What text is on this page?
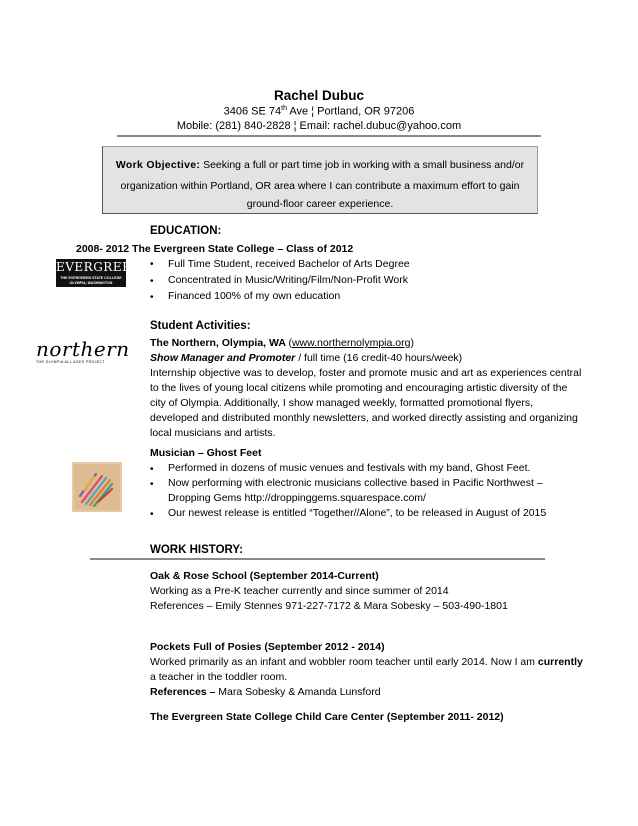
Rachel Dubuc
3406 SE 74th Ave ¦ Portland, OR 97206
Mobile: (281) 840-2828 ¦ Email: rachel.dubuc@yahoo.com
Work Objective: Seeking a full or part time job in working with a small business and/or
organization within Portland, OR area where I can contribute a maximum effort to gain
ground-floor career experience.
EDUCATION:
2008- 2012 The Evergreen State College – Class of 2012
EVERGREEN
THE EVERGREEN STATE COLLEGE
OLYMPIA, WASHINGTON
• Full Time Student, received Bachelor of Arts Degree
• Concentrated in Music/Writing/Film/Non-Profit Work
• Financed 100% of my own education
Student Activities:
northern
THE OLYMPIA ALL AGES PROJECT
The Northern, Olympia, WA (www.northernolympia.org)
Show Manager and Promoter / full time (16 credit-40 hours/week)
Internship objective was to develop, foster and promote music and art as experiences central
to the lives of young local citizens while promoting and encouraging artistic diversity of the
city of Olympia. Additionally, I show managed weekly, formatted promotional flyers,
developed and distributed monthly newsletters, and worked directly assisting and organizing
local musicians and artists.
Musician – Ghost Feet
• Performed in dozens of music venues and festivals with my band, Ghost Feet.
• Now performing with electronic musicians collective based in Pacific Northwest –
Dropping Gems http://droppinggems.squarespace.com/
• Our newest release is entitled “Together//Alone”, to be released in August of 2015
WORK HISTORY:
Oak & Rose School (September 2014-Current)
Working as a Pre-K teacher currently and since summer of 2014
References – Emily Stennes 971-227-7172 & Mara Sobesky – 503-490-1801
Pockets Full of Posies (September 2012 - 2014)
Worked primarily as an infant and wobbler room teacher until early 2014. Now I am currently
a teacher in the toddler room.
References – Mara Sobesky & Amanda Lunsford
The Evergreen State College Child Care Center (September 2011- 2012)
